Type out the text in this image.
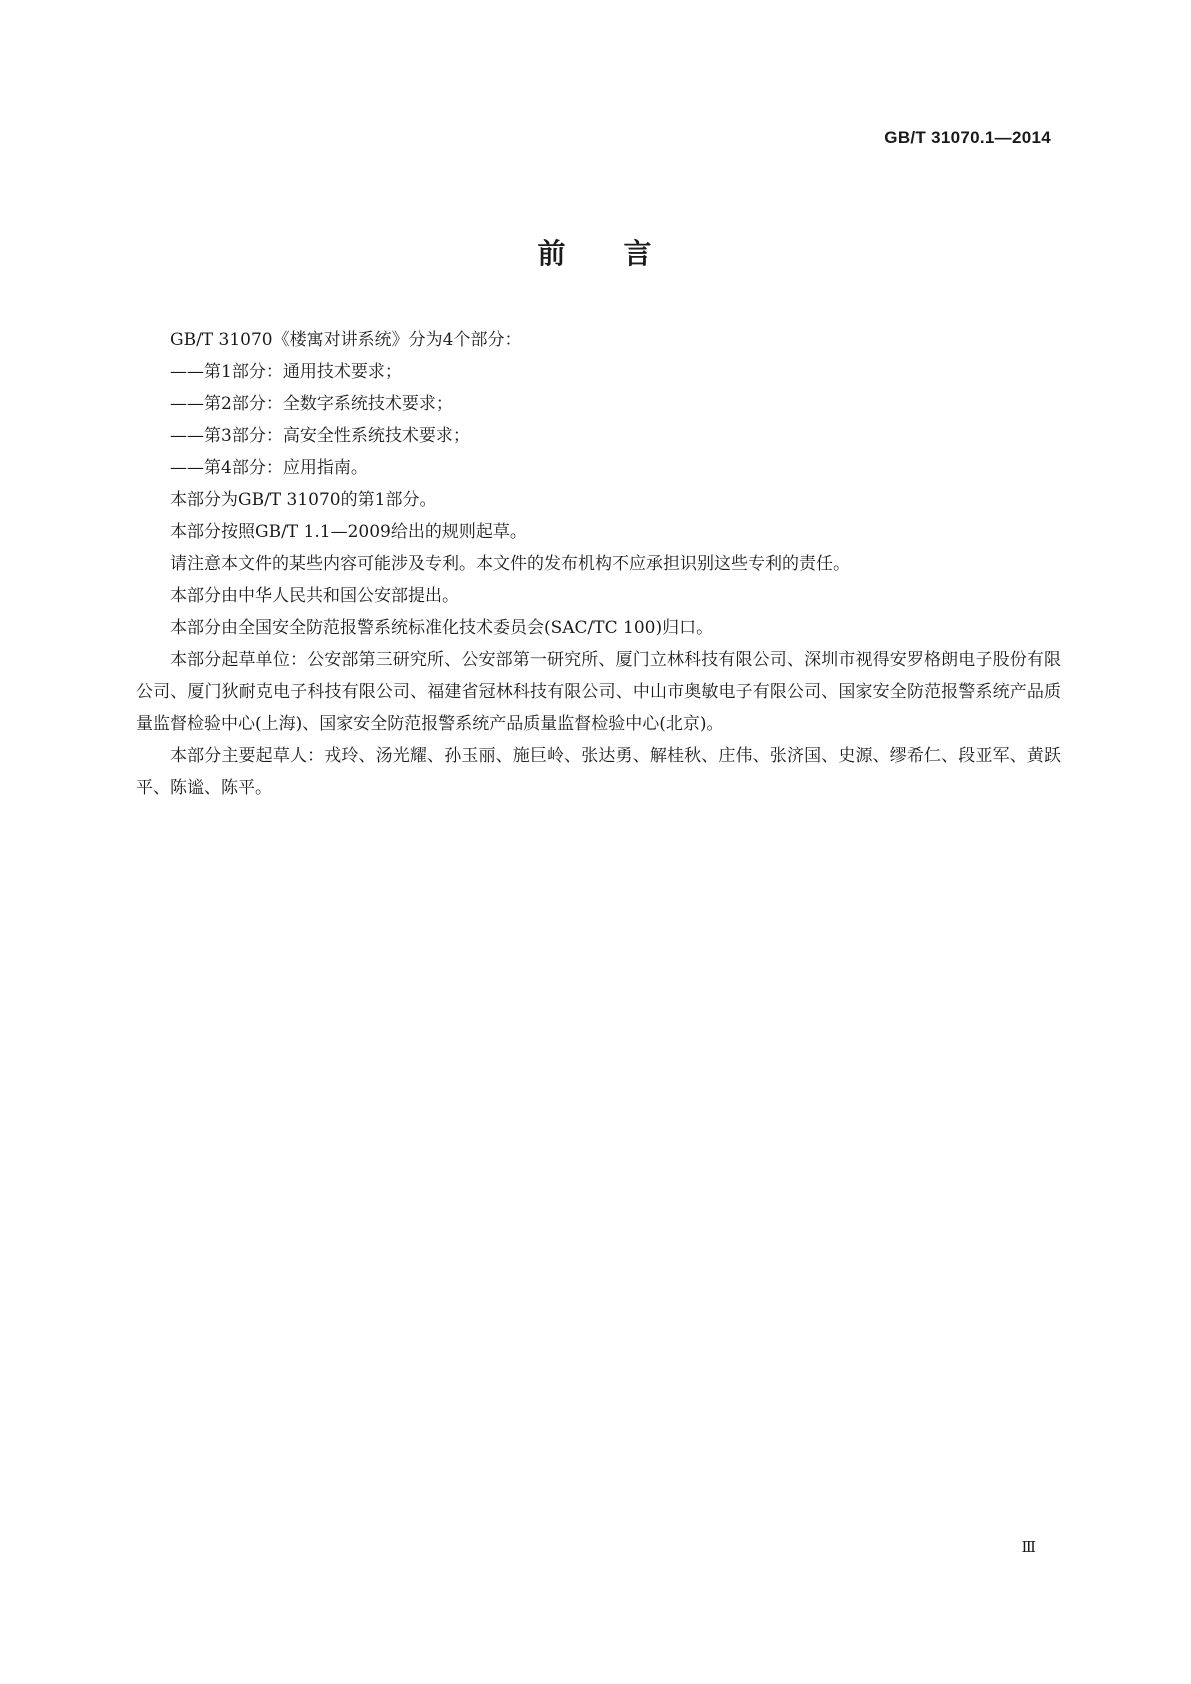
GB/T 31070.1—2014
前 言

GB/T 31070《楼寓对讲系统》分为4个部分：

——第1部分：通用技术要求；

——第2部分：全数字系统技术要求；

——第3部分：高安全性系统技术要求；

——第4部分：应用指南。

本部分为GB/T 31070的第1部分。

本部分按照GB/T 1.1—2009给出的规则起草。

请注意本文件的某些内容可能涉及专利。本文件的发布机构不应承担识别这些专利的责任。

本部分由中华人民共和国公安部提出。

本部分由全国安全防范报警系统标准化技术委员会(SAC/TC 100)归口。

本部分起草单位：公安部第三研究所、公安部第一研究所、厦门立林科技有限公司、深圳市视得安罗格朗电子股份有限公司、厦门狄耐克电子科技有限公司、福建省冠林科技有限公司、中山市奥敏电子有限公司、国家安全防范报警系统产品质量监督检验中心(上海)、国家安全防范报警系统产品质量监督检验中心(北京)。

本部分主要起草人：戎玲、汤光耀、孙玉丽、施巨岭、张达勇、解桂秋、庄伟、张济国、史源、缪希仁、段亚军、黄跃平、陈谧、陈平。

Ⅲ
